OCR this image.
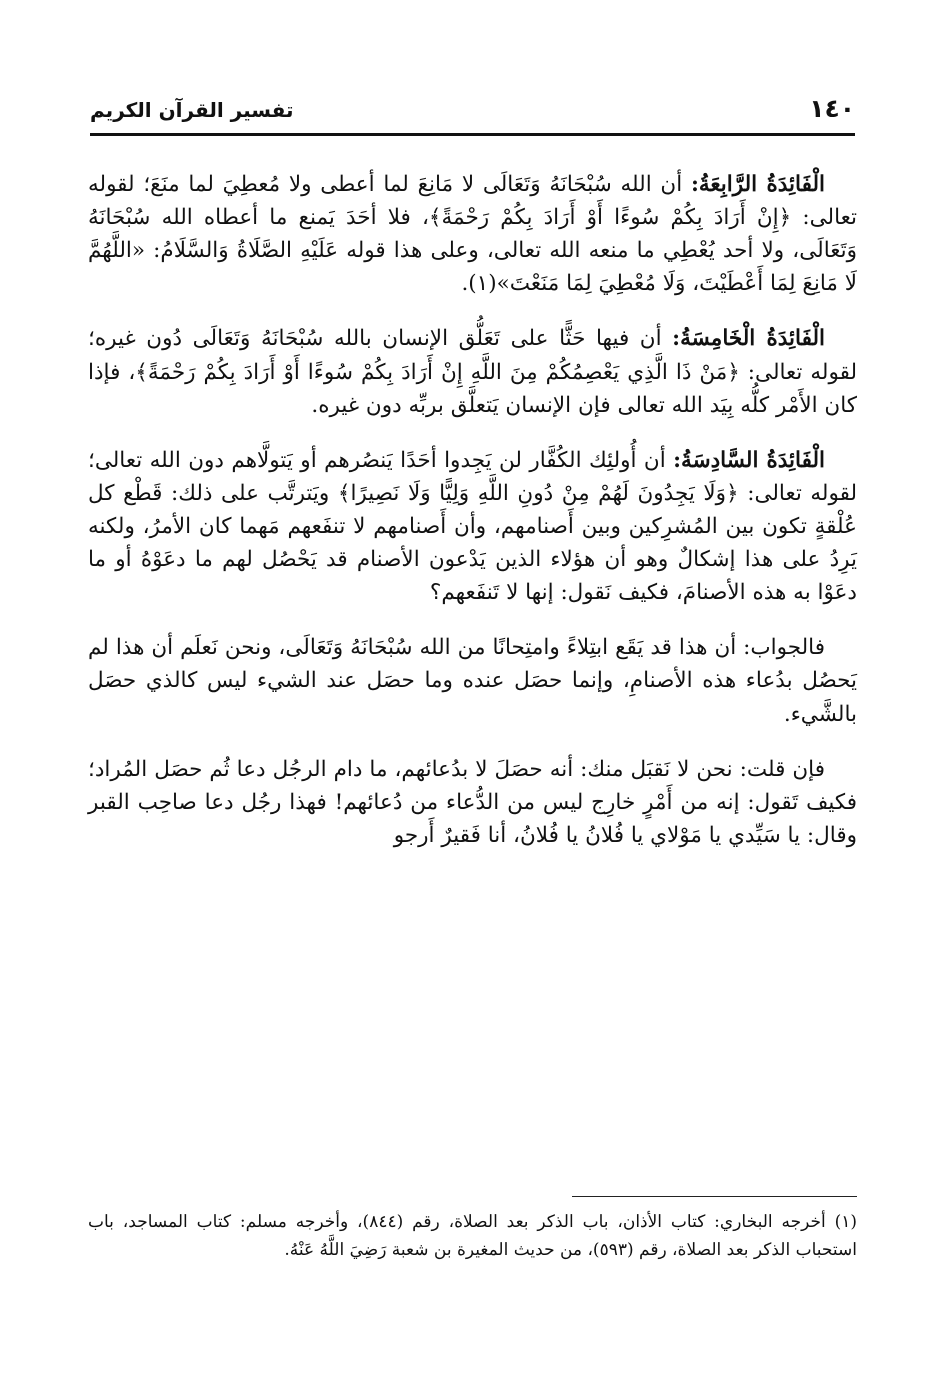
١٤٠
تفسير القرآن الكريم

الْفَائِدَةُ الرَّابِعَةُ: أن الله سُبْحَانَهُ وَتَعَالَى لا مَانِعَ لما أعطى ولا مُعطِيَ لما منَعَ؛ لقوله تعالى: ﴿إِنْ أَرَادَ بِكُمْ سُوءًا أَوْ أَرَادَ بِكُمْ رَحْمَةً﴾، فلا أحَدَ يَمنع ما أعطاه الله سُبْحَانَهُ وَتَعَالَى، ولا أحد يُعْطِي ما منعه الله تعالى، وعلى هذا قوله عَلَيْهِ الصَّلَاةُ وَالسَّلَامُ: «اللَّهُمَّ لَا مَانِعَ لِمَا أَعْطَيْتَ، وَلَا مُعْطِيَ لِمَا مَنَعْتَ»(١).

الْفَائِدَةُ الْخَامِسَةُ: أن فيها حَثًّا على تَعَلُّق الإنسان بالله سُبْحَانَهُ وَتَعَالَى دُون غيره؛ لقوله تعالى: ﴿مَنْ ذَا الَّذِي يَعْصِمُكُمْ مِنَ اللَّهِ إِنْ أَرَادَ بِكُمْ سُوءًا أَوْ أَرَادَ بِكُمْ رَحْمَةً﴾، فإذا كان الأَمْر كلُّه بِيَد الله تعالى فإن الإنسان يَتعلَّق بربِّه دون غيره.

الْفَائِدَةُ السَّادِسَةُ: أن أُولئِك الكُفَّار لن يَجِدوا أحَدًا يَنصُرهم أو يَتولَّاهم دون الله تعالى؛ لقوله تعالى: ﴿وَلَا يَجِدُونَ لَهُمْ مِنْ دُونِ اللَّهِ وَلِيًّا وَلَا نَصِيرًا﴾ ويَترتَّب على ذلك: قَطْع كل عُلْقةٍ تكون بين المُشرِكين وبين أَصنامهم، وأن أَصنامهم لا تنفَعهم مَهما كان الأمرُ، ولكنه يَرِدُ على هذا إشكالٌ وهو أن هؤلاء الذين يَدْعون الأصنام قد يَحْصُل لهم ما دعَوْهُ أو ما دعَوْا به هذه الأصنامَ، فكيف نَقول: إنها لا تَنفَعهم؟

فالجواب: أن هذا قد يَقَع ابتِلاءً وامتِحانًا من الله سُبْحَانَهُ وَتَعَالَى، ونحن نَعلَم أن هذا لم يَحصُل بدُعاء هذه الأصنامِ، وإنما حصَل عنده وما حصَل عند الشيء ليس كالذي حصَل بالشَّيء.

فإن قلت: نحن لا نَقبَل منك: أنه حصَلَ لا بدُعائهم، ما دام الرجُل دعا ثُم حصَل المُراد؛ فكيف تَقول: إنه من أَمْرٍ خارِج ليس من الدُّعاء من دُعائهم! فهذا رجُل دعا صاحِب القبر وقال: يا سَيِّدي يا مَوْلاي يا فُلانُ يا فُلانُ، أنا فَقيرٌ أَرجو

(١) أخرجه البخاري: كتاب الأذان، باب الذكر بعد الصلاة، رقم (٨٤٤)، وأخرجه مسلم: كتاب المساجد، باب استحباب الذكر بعد الصلاة، رقم (٥٩٣)، من حديث المغيرة بن شعبة رَضِيَ اللَّهُ عَنْهُ.
